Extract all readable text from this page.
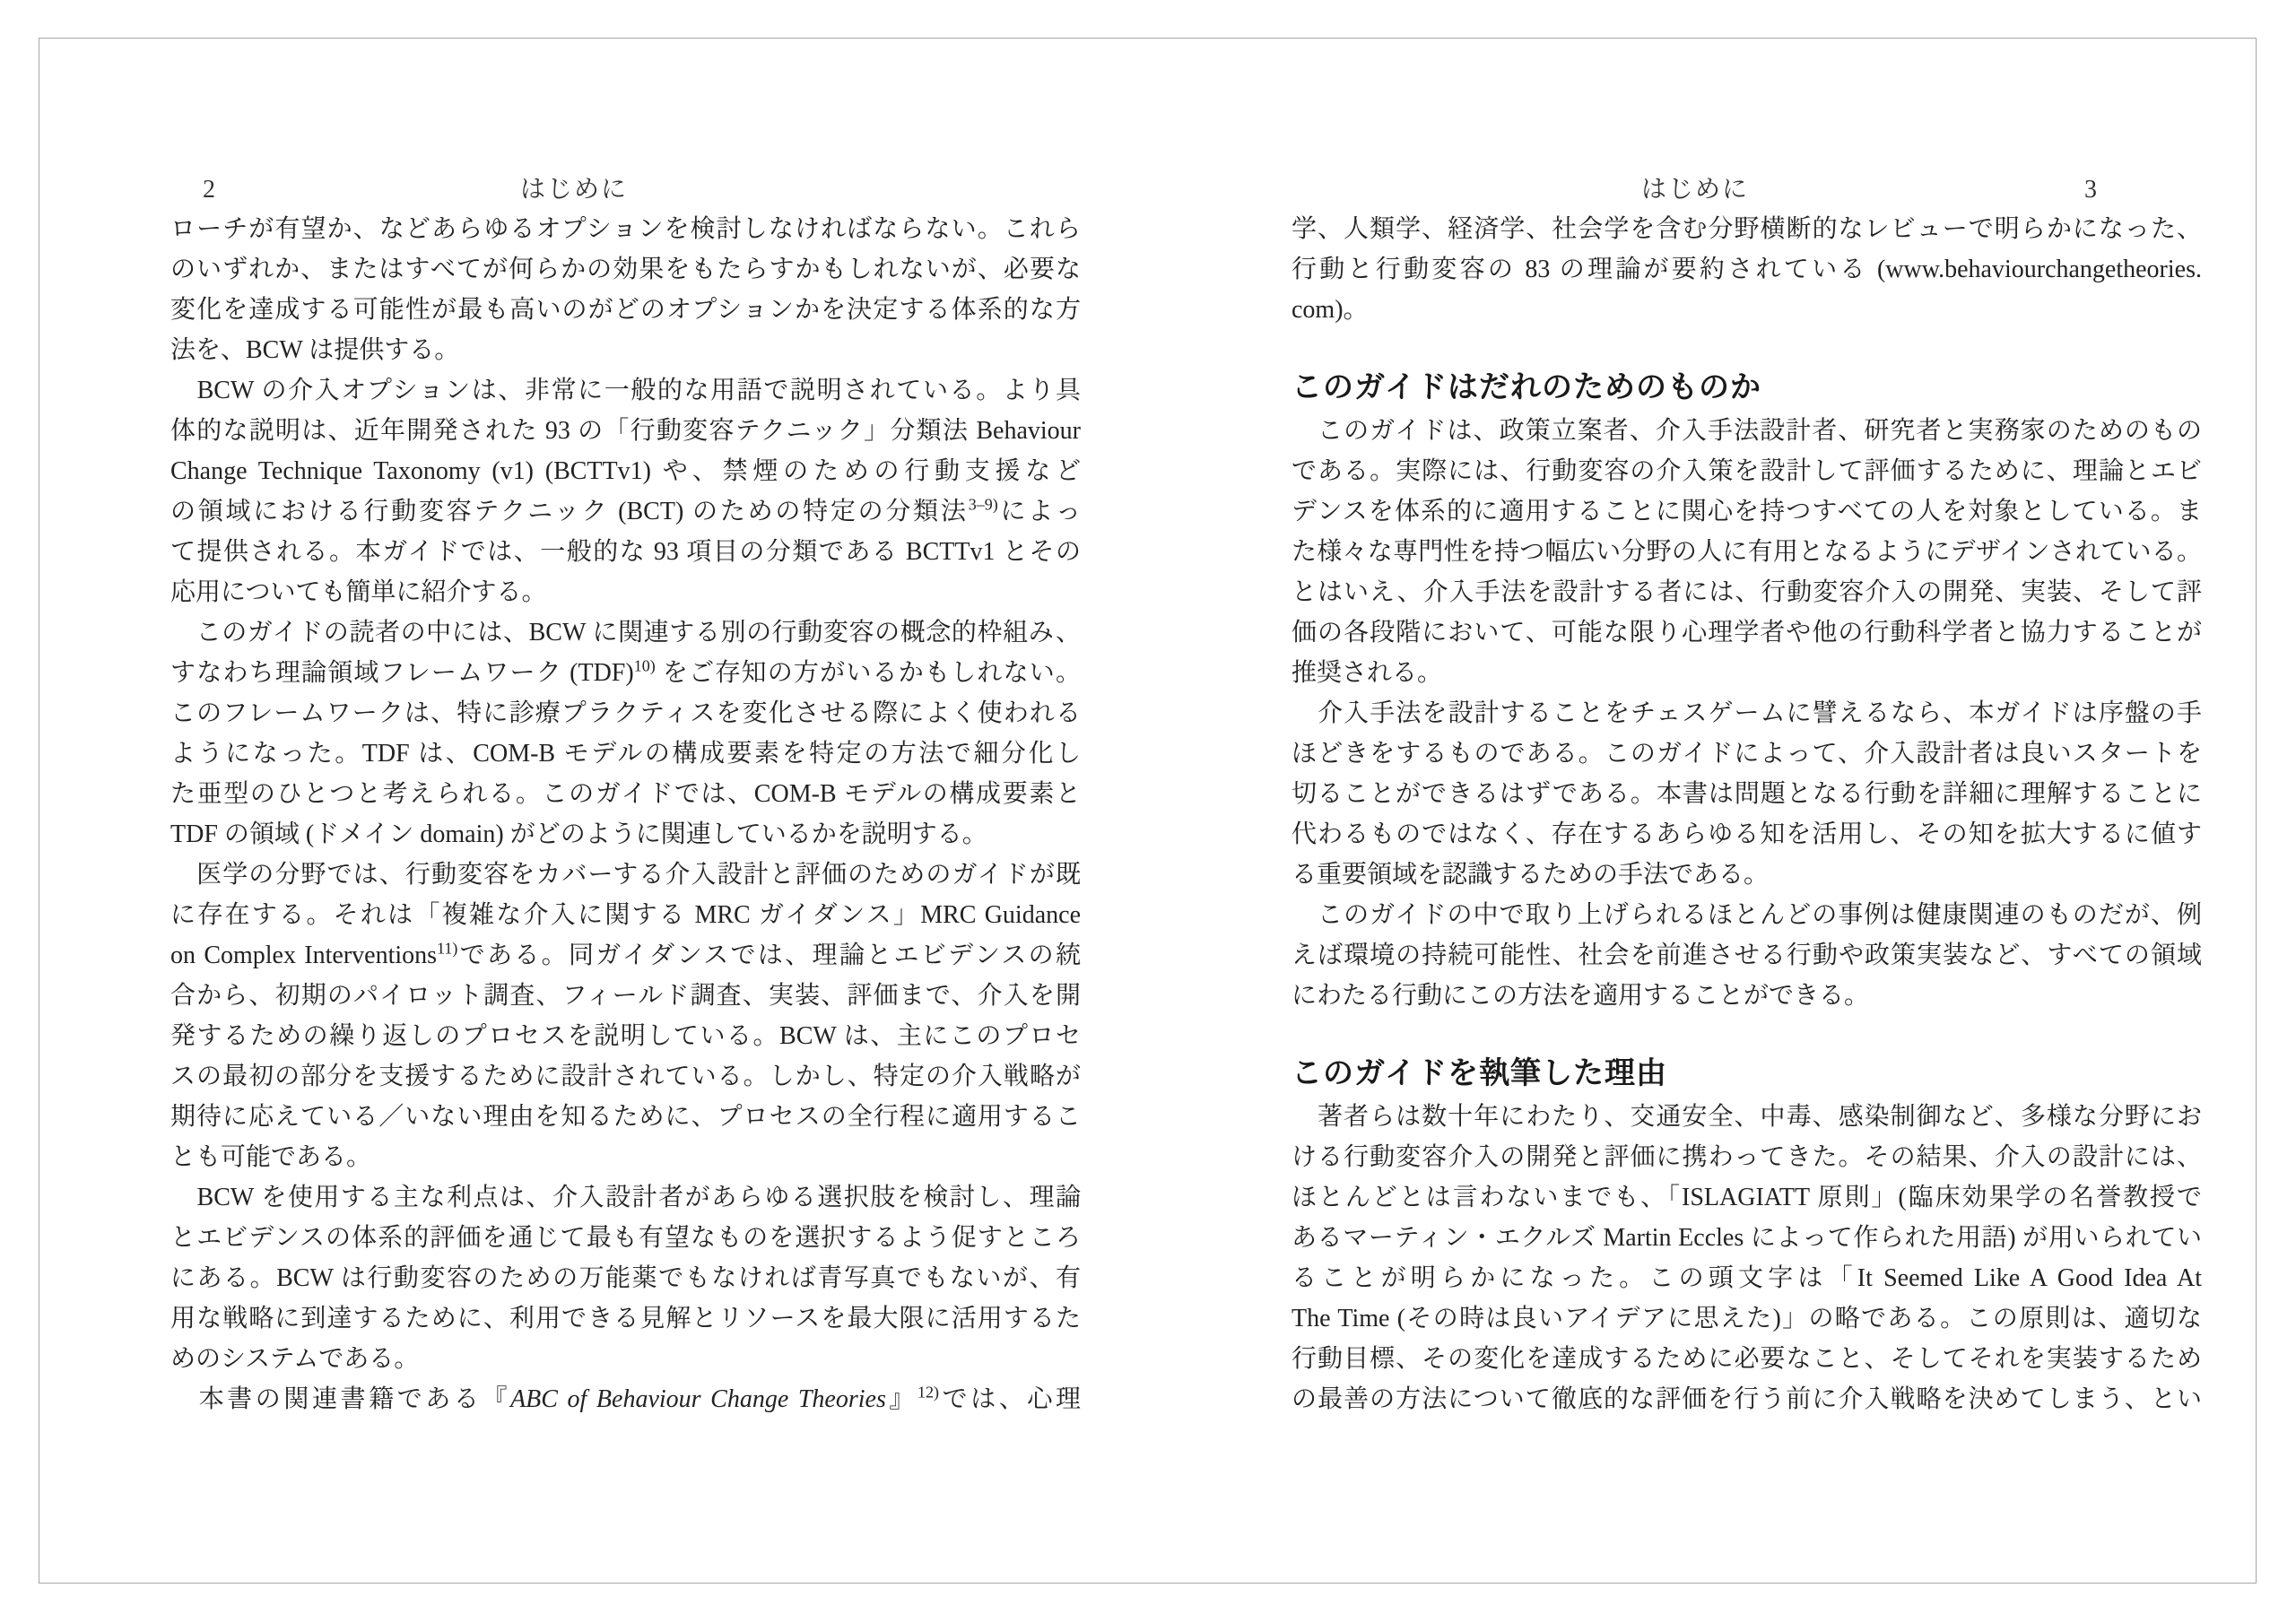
2	はじめに
ローチが有望か、などあらゆるオプションを検討しなければならない。これら
のいずれか、またはすべてが何らかの効果をもたらすかもしれないが、必要な
変化を達成する可能性が最も高いのがどのオプションかを決定する体系的な方
法を、BCW は提供する。
　BCW の介入オプションは、非常に一般的な用語で説明されている。より具
体的な説明は、近年開発された 93 の「行動変容テクニック」分類法 Behaviour
Change Technique Taxonomy (v1) (BCTTv1) や、禁煙のための行動支援など
の領域における行動変容テクニック (BCT) のための特定の分類法$^{3-9)}$によっ
て提供される。本ガイドでは、一般的な 93 項目の分類である BCTTv1 とその
応用についても簡単に紹介する。
　このガイドの読者の中には、BCW に関連する別の行動変容の概念的枠組み、
すなわち理論領域フレームワーク (TDF)$^{10)}$ をご存知の方がいるかもしれない。
このフレームワークは、特に診療プラクティスを変化させる際によく使われる
ようになった。TDF は、COM-B モデルの構成要素を特定の方法で細分化し
た亜型のひとつと考えられる。このガイドでは、COM-B モデルの構成要素と
TDF の領域 (ドメイン domain) がどのように関連しているかを説明する。
　医学の分野では、行動変容をカバーする介入設計と評価のためのガイドが既
に存在する。それは「複雑な介入に関する MRC ガイダンス」MRC Guidance
on Complex Interventions$^{11)}$である。同ガイダンスでは、理論とエビデンスの統
合から、初期のパイロット調査、フィールド調査、実装、評価まで、介入を開
発するための繰り返しのプロセスを説明している。BCW は、主にこのプロセ
スの最初の部分を支援するために設計されている。しかし、特定の介入戦略が
期待に応えている／いない理由を知るために、プロセスの全行程に適用するこ
とも可能である。
　BCW を使用する主な利点は、介入設計者があらゆる選択肢を検討し、理論
とエビデンスの体系的評価を通じて最も有望なものを選択するよう促すところ
にある。BCW は行動変容のための万能薬でもなければ青写真でもないが、有
用な戦略に到達するために、利用できる見解とリソースを最大限に活用するた
めのシステムである。
　本書の関連書籍である『ABC of Behaviour Change Theories』$^{12)}$では、心理
はじめに	3
学、人類学、経済学、社会学を含む分野横断的なレビューで明らかになった、
行動と行動変容の 83 の理論が要約されている (www.behaviourchangetheories.
com)。
このガイドはだれのためのものか
　このガイドは、政策立案者、介入手法設計者、研究者と実務家のためのもの
である。実際には、行動変容の介入策を設計して評価するために、理論とエビ
デンスを体系的に適用することに関心を持つすべての人を対象としている。ま
た様々な専門性を持つ幅広い分野の人に有用となるようにデザインされている。
とはいえ、介入手法を設計する者には、行動変容介入の開発、実装、そして評
価の各段階において、可能な限り心理学者や他の行動科学者と協力することが
推奨される。
　介入手法を設計することをチェスゲームに譬えるなら、本ガイドは序盤の手
ほどきをするものである。このガイドによって、介入設計者は良いスタートを
切ることができるはずである。本書は問題となる行動を詳細に理解することに
代わるものではなく、存在するあらゆる知を活用し、その知を拡大するに値す
る重要領域を認識するための手法である。
　このガイドの中で取り上げられるほとんどの事例は健康関連のものだが、例
えば環境の持続可能性、社会を前進させる行動や政策実装など、すべての領域
にわたる行動にこの方法を適用することができる。
このガイドを執筆した理由
　著者らは数十年にわたり、交通安全、中毒、感染制御など、多様な分野にお
ける行動変容介入の開発と評価に携わってきた。その結果、介入の設計には、
ほとんどとは言わないまでも、「ISLAGIATT 原則」(臨床効果学の名誉教授で
あるマーティン・エクルズ Martin Eccles によって作られた用語) が用いられてい
ることが明らかになった。この頭文字は「It Seemed Like A Good Idea At
The Time (その時は良いアイデアに思えた)」の略である。この原則は、適切な
行動目標、その変化を達成するために必要なこと、そしてそれを実装するため
の最善の方法について徹底的な評価を行う前に介入戦略を決めてしまう、とい
